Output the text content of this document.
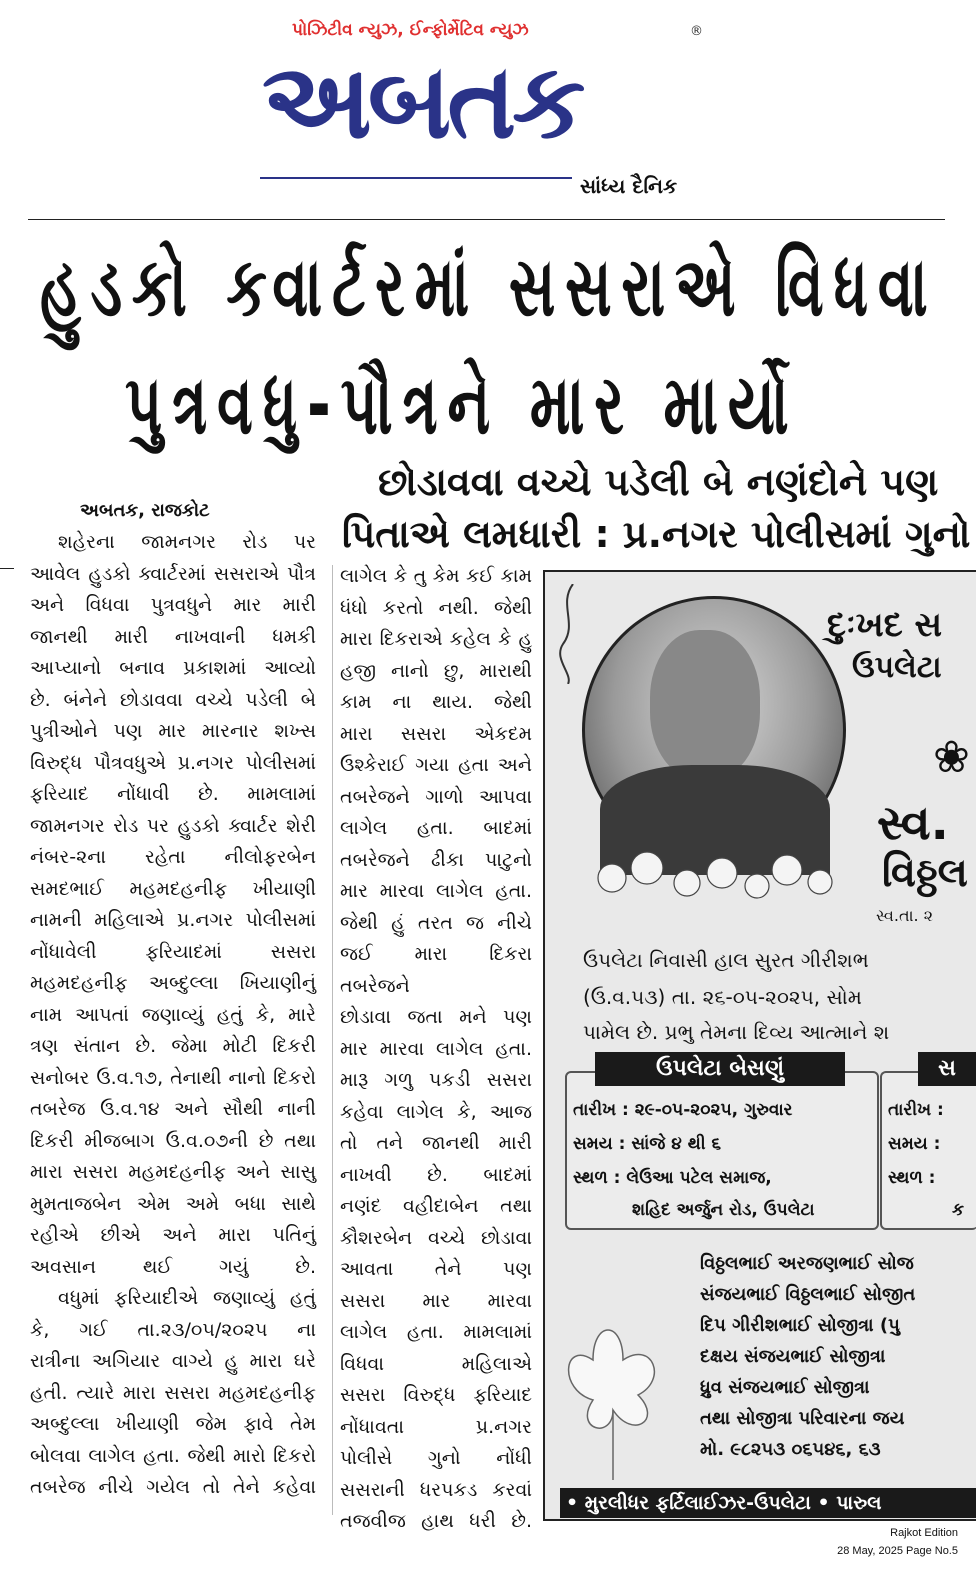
પોઝિટીવ ન્યુઝ, ઈન્ફોર્મેટિવ ન્યુઝ
અબતક
®
સાંધ્ય દૈનિક
હુડકો ક્વાર્ટરમાં સસરાએ વિધવા
પુત્રવધુ-પૌત્રને માર માર્યો
છોડાવવા વચ્ચે પડેલી બે નણંદોને પણ
પિતાએ લમધારી : પ્ર.નગર પોલીસમાં ગુનો
અબતક, રાજકોટ
શહેરના જામનગર રોડ પર
આવેલ હુડકો ક્વાર્ટરમાં સસરાએ પૌત્ર
અને વિધવા પુત્રવધુને માર મારી
જાનથી મારી નાખવાની ધમકી
આપ્યાનો બનાવ પ્રકાશમાં આવ્યો
છે. બંનેને છોડાવવા વચ્ચે પડેલી બે
પુત્રીઓને પણ માર મારનાર શખ્સ
વિરુદ્ધ પૌત્રવધુએ પ્ર.નગર પોલીસમાં
ફરિયાદ નોંધાવી છે. મામલામાં
જામનગર રોડ પર હુડકો ક્વાર્ટર શેરી
નંબર-૨ના રહેતા નીલોફરબેન
સમદભાઈ મહમદહનીફ ખીયાણી
નામની મહિલાએ પ્ર.નગર પોલીસમાં
નોંધાવેલી ફરિયાદમાં સસરા
મહમદહનીફ અબ્દુલ્લા ખિયાણીનું
નામ આપતાં જણાવ્યું હતું કે, મારે
ત્રણ સંતાન છે. જેમા મોટી દિકરી
સનોબર ઉ.વ.૧૭, તેનાથી નાનો દિકરો
તબરેજ ઉ.વ.૧૪ અને સૌથી નાની
દિકરી મીજબાગ ઉ.વ.૦૭ની છે તથા
મારા સસરા મહમદહનીફ અને સાસુ
મુમતાજબેન એમ અમે બધા સાથે
રહીએ છીએ અને મારા પતિનું
અવસાન થઈ ગયું છે.
વધુમાં ફરિયાદીએ જણાવ્યું હતું
કે, ગઈ તા.૨૩/૦૫/૨૦૨૫ ના
રાત્રીના અગિયાર વાગ્યે હુ મારા ઘરે
હતી. ત્યારે મારા સસરા મહમદહનીફ
અબ્દુલ્લા ખીયાણી જેમ ફાવે તેમ
બોલવા લાગેલ હતા. જેથી મારો દિકરો
તબરેજ નીચે ગયેલ તો તેને કહેવા
લાગેલ કે તુ કેમ કઈ કામ
ધંધો કરતો નથી. જેથી
મારા દિકરાએ કહેલ કે હુ
હજી નાનો છુ, મારાથી
કામ ના થાય. જેથી
મારા સસરા એકદમ
ઉશ્કેરાઈ ગયા હતા અને
તબરેજને ગાળો આપવા
લાગેલ હતા. બાદમાં
તબરેજને ઢીકા પાટુનો
માર મારવા લાગેલ હતા.
જેથી હું તરત જ નીચે
જઈ મારા દિકરા તબરેજને
છોડાવા જતા મને પણ
માર મારવા લાગેલ હતા.
મારૂ ગળુ પકડી સસરા
કહેવા લાગેલ કે, આજ
તો તને જાનથી મારી
નાખવી છે. બાદમાં
નણંદ વહીદાબેન તથા
કૌશરબેન વચ્ચે છોડાવા
આવતા તેને પણ
સસરા માર મારવા
લાગેલ હતા. મામલામાં
વિધવા મહિલાએ
સસરા વિરુદ્ધ ફરિયાદ
નોંધાવતા પ્ર.નગર
પોલીસે ગુનો નોંધી
સસરાની ધરપકડ કરવાં
તજવીજ હાથ ધરી છે.
દુઃખદ સ
ઉપલેટા
❀
સ્વ.
વિઠ્ઠલ
સ્વ.તા. ૨
ઉપલેટા નિવાસી હાલ સુરત ગીરીશભ
(ઉ.વ.૫૩) તા. ૨૬-૦૫-૨૦૨૫, સોમ
પામેલ છે. પ્રભુ તેમના દિવ્ય આત્માને શ
ઉપલેટા બેસણું	સ
તારીખ : ૨૯-૦૫-૨૦૨૫, ગુરુવાર
સમય : સાંજે ૪ થી ૬
સ્થળ : લેઉઆ પટેલ સમાજ,
શહિદ અર્જુન રોડ, ઉપલેટા
તારીખ :
સમય :
સ્થળ :
ક
વિઠ્ઠલભાઈ અરજણભાઈ સોજ
સંજયભાઈ વિઠ્ઠલભાઈ સોજીત
દિપ ગીરીશભાઈ સોજીત્રા (પુ
દક્ષય સંજયભાઈ સોજીત્રા
ધ્રુવ સંજયભાઈ સોજીત્રા
તથા સોજીત્રા પરિવારના જય
મો. ૯૮૨૫૩ ૦૬૫૪૬, ૬૩
• મુરલીધર ફર્ટિલાઈઝર-ઉપલેટા • પારુલ
Rajkot Edition
28 May, 2025 Page No.5
